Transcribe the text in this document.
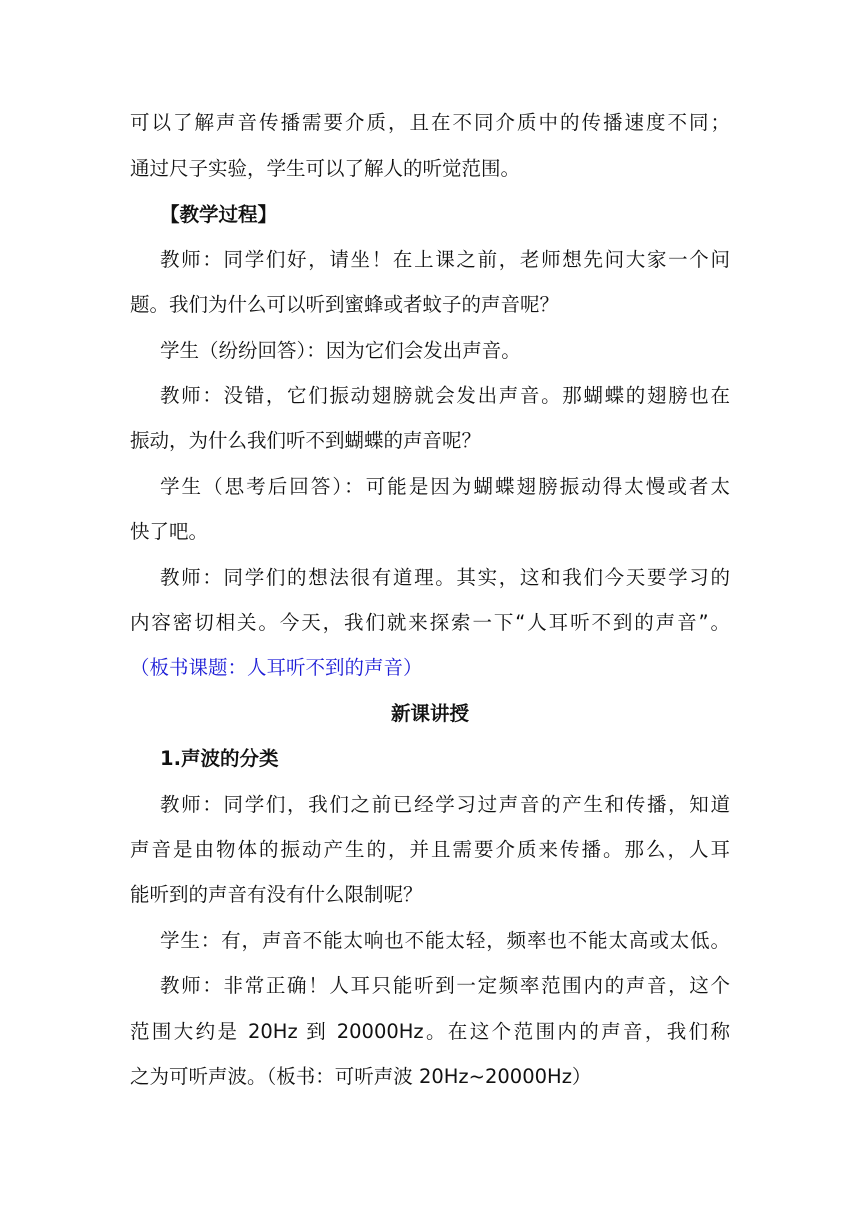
可以了解声音传播需要介质，且在不同介质中的传播速度不同；
通过尺子实验，学生可以了解人的听觉范围。
【教学过程】
教师：同学们好，请坐！在上课之前，老师想先问大家一个问
题。我们为什么可以听到蜜蜂或者蚊子的声音呢？
学生（纷纷回答）：因为它们会发出声音。
教师：没错，它们振动翅膀就会发出声音。那蝴蝶的翅膀也在
振动，为什么我们听不到蝴蝶的声音呢？
学生（思考后回答）：可能是因为蝴蝶翅膀振动得太慢或者太
快了吧。
教师：同学们的想法很有道理。其实，这和我们今天要学习的
内容密切相关。今天，我们就来探索一下“人耳听不到的声音”。
（板书课题：人耳听不到的声音）
新课讲授
1.声波的分类
教师：同学们，我们之前已经学习过声音的产生和传播，知道
声音是由物体的振动产生的，并且需要介质来传播。那么，人耳
能听到的声音有没有什么限制呢？
学生：有，声音不能太响也不能太轻，频率也不能太高或太低。
教师：非常正确！人耳只能听到一定频率范围内的声音，这个
范围大约是 20Hz 到 20000Hz。在这个范围内的声音，我们称
之为可听声波。（板书：可听声波 20Hz~20000Hz）
